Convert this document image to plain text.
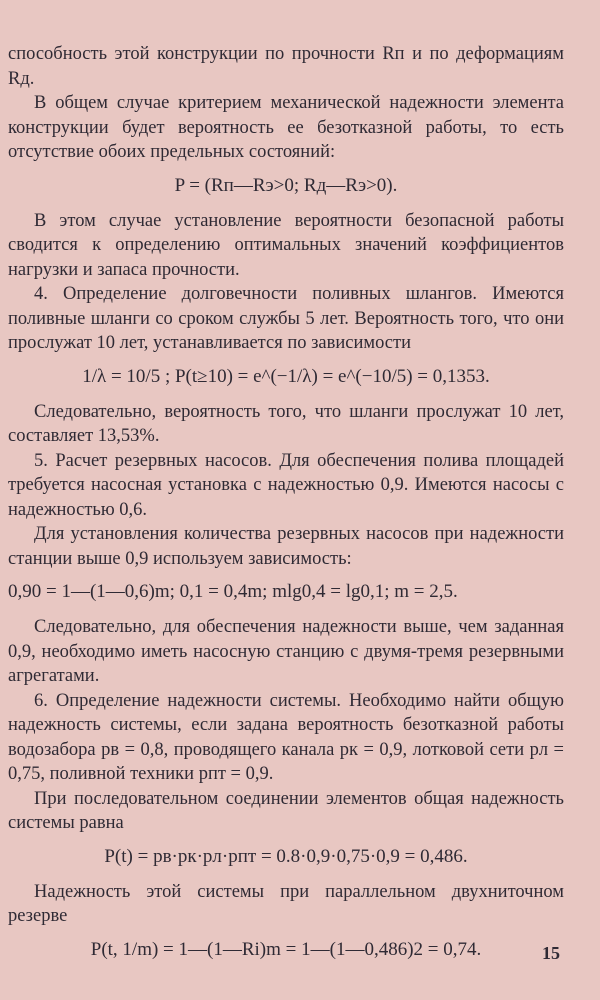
способность этой конструкции по прочности Rп и по деформациям Rд.

В общем случае критерием механической надежности элемента конструкции будет вероятность ее безотказной работы, то есть отсутствие обоих предельных состояний:

P = (Rп—Rэ>0; Rд—Rэ>0).

В этом случае установление вероятности безопасной работы сводится к определению оптимальных значений коэффициентов нагрузки и запаса прочности.

4. Определение долговечности поливных шлангов. Имеются поливные шланги со сроком службы 5 лет. Вероятность того, что они прослужат 10 лет, устанавливается по зависимости

1/λ = 10/5 ; P(t≥10) = e^(−1/λ) = e^(−10/5) = 0,1353.

Следовательно, вероятность того, что шланги прослужат 10 лет, составляет 13,53%.

5. Расчет резервных насосов. Для обеспечения полива площадей требуется насосная установка с надежностью 0,9. Имеются насосы с надежностью 0,6.

Для установления количества резервных насосов при надежности станции выше 0,9 используем зависимость:

0,90 = 1—(1—0,6)m; 0,1 = 0,4m; mlg0,4 = lg0,1; m = 2,5.

Следовательно, для обеспечения надежности выше, чем заданная 0,9, необходимо иметь насосную станцию с двумя-тремя резервными агрегатами.

6. Определение надежности системы. Необходимо найти общую надежность системы, если задана вероятность безотказной работы водозабора pв = 0,8, проводящего канала pк = 0,9, лотковой сети pл = 0,75, поливной техники pпт = 0,9.

При последовательном соединении элементов общая надежность системы равна

P(t) = pв·pк·pл·pпт = 0.8·0,9·0,75·0,9 = 0,486.

Надежность этой системы при параллельном двухниточном резерве

P(t, 1/m) = 1—(1—Ri)m = 1—(1—0,486)2 = 0,74.	15
